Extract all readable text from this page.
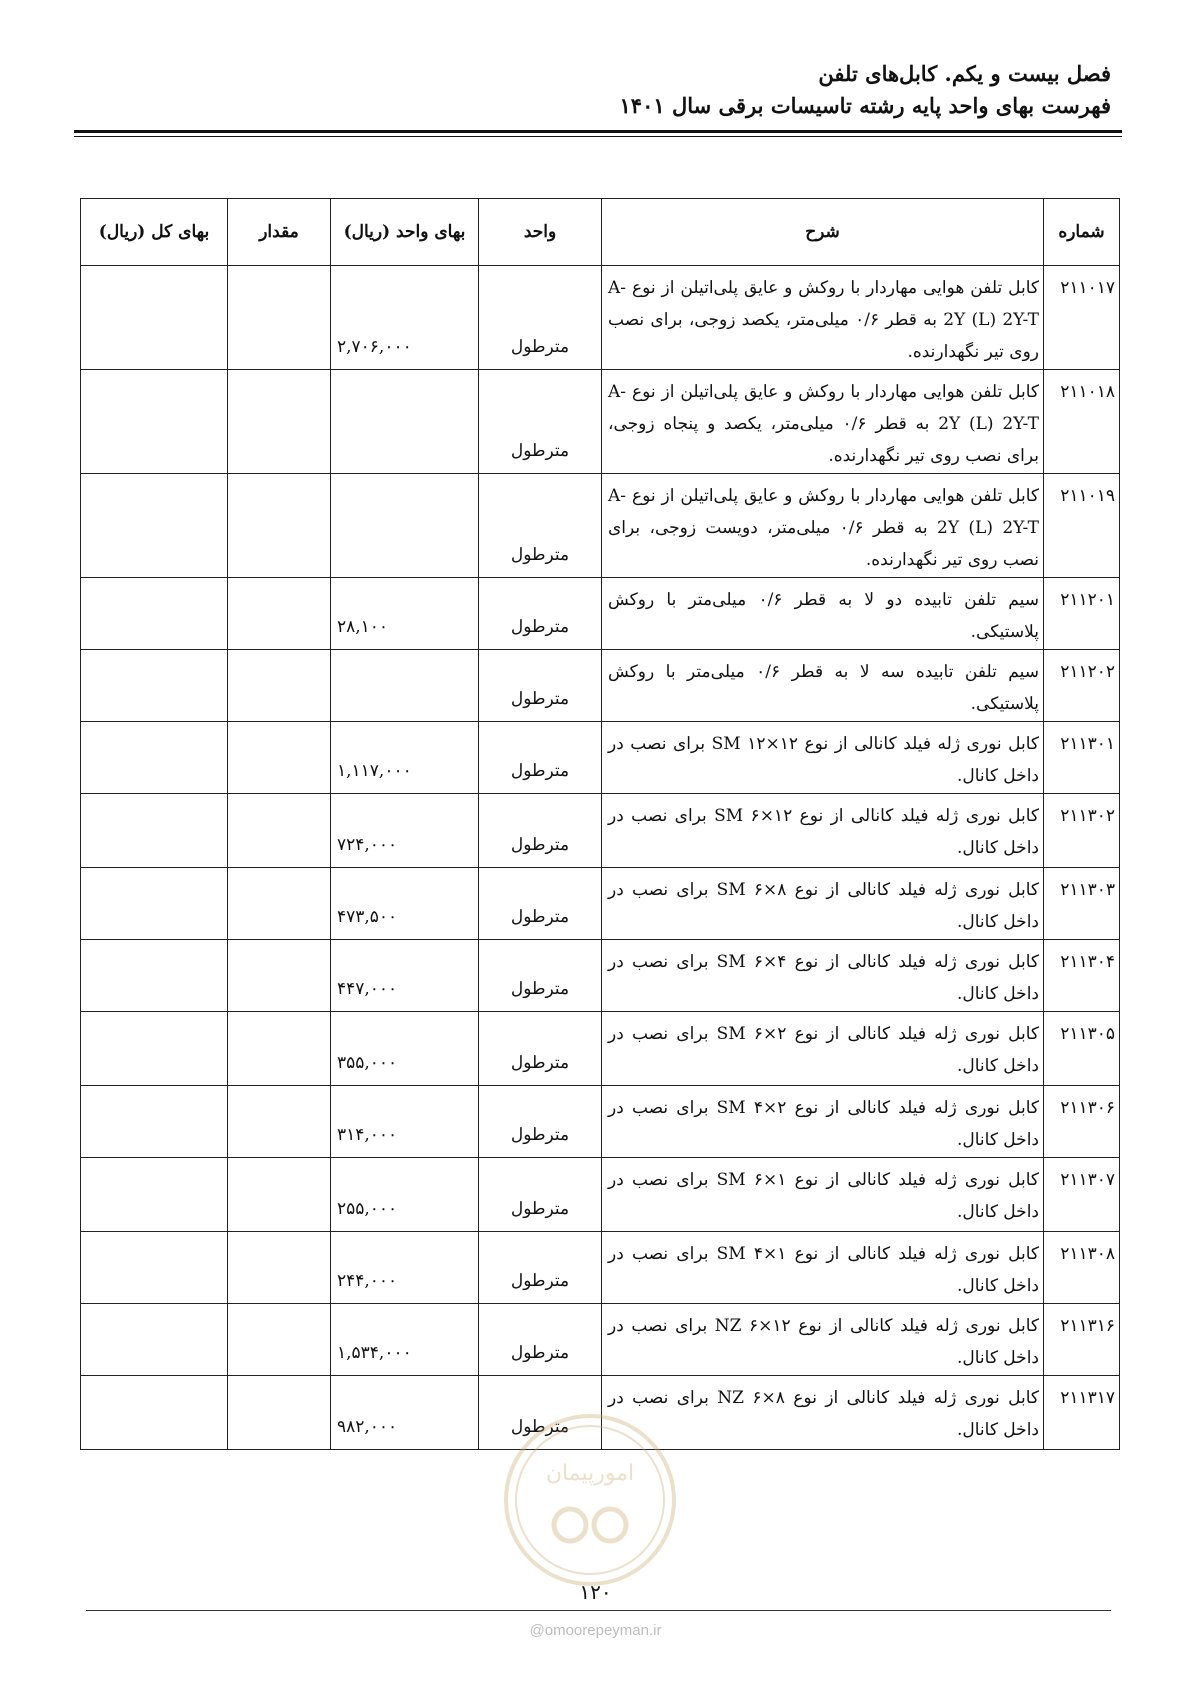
فصل بیست و یکم. کابل‌های تلفن
فهرست بهای واحد پایه رشته تاسیسات برقی سال ۱۴۰۱
شماره	شرح	واحد	بهای واحد (ریال)	مقدار	بهای کل (ریال)
۲۱۱۰۱۷	کابل تلفن هوایی مهاردار با روکش و عایق پلی‌اتیلن از نوع A-2Y (L) 2Y-T به قطر ۰/۶ میلی‌متر، یکصد زوجی، برای نصب روی تیر نگهدارنده.	مترطول	۲,۷۰۶,۰۰۰		
۲۱۱۰۱۸	کابل تلفن هوایی مهاردار با روکش و عایق پلی‌اتیلن از نوع A-2Y (L) 2Y-T به قطر ۰/۶ میلی‌متر، یکصد و پنجاه زوجی، برای نصب روی تیر نگهدارنده.	مترطول			
۲۱۱۰۱۹	کابل تلفن هوایی مهاردار با روکش و عایق پلی‌اتیلن از نوع A-2Y (L) 2Y-T به قطر ۰/۶ میلی‌متر، دویست زوجی، برای نصب روی تیر نگهدارنده.	مترطول			
۲۱۱۲۰۱	سیم تلفن تابیده دو لا به قطر ۰/۶ میلی‌متر با روکش پلاستیکی.	مترطول	۲۸,۱۰۰		
۲۱۱۲۰۲	سیم تلفن تابیده سه لا به قطر ۰/۶ میلی‌متر با روکش پلاستیکی.	مترطول			
۲۱۱۳۰۱	کابل نوری ژله فیلد کانالی از نوع SM ۱۲×۱۲ برای نصب در داخل کانال.	مترطول	۱,۱۱۷,۰۰۰		
۲۱۱۳۰۲	کابل نوری ژله فیلد کانالی از نوع SM ۶×۱۲ برای نصب در داخل کانال.	مترطول	۷۲۴,۰۰۰		
۲۱۱۳۰۳	کابل نوری ژله فیلد کانالی از نوع SM ۶×۸ برای نصب در داخل کانال.	مترطول	۴۷۳,۵۰۰		
۲۱۱۳۰۴	کابل نوری ژله فیلد کانالی از نوع SM ۶×۴ برای نصب در داخل کانال.	مترطول	۴۴۷,۰۰۰		
۲۱۱۳۰۵	کابل نوری ژله فیلد کانالی از نوع SM ۶×۲ برای نصب در داخل کانال.	مترطول	۳۵۵,۰۰۰		
۲۱۱۳۰۶	کابل نوری ژله فیلد کانالی از نوع SM ۴×۲ برای نصب در داخل کانال.	مترطول	۳۱۴,۰۰۰		
۲۱۱۳۰۷	کابل نوری ژله فیلد کانالی از نوع SM ۶×۱ برای نصب در داخل کانال.	مترطول	۲۵۵,۰۰۰		
۲۱۱۳۰۸	کابل نوری ژله فیلد کانالی از نوع SM ۴×۱ برای نصب در داخل کانال.	مترطول	۲۴۴,۰۰۰		
۲۱۱۳۱۶	کابل نوری ژله فیلد کانالی از نوع NZ ۶×۱۲ برای نصب در داخل کانال.	مترطول	۱,۵۳۴,۰۰۰		
۲۱۱۳۱۷	کابل نوری ژله فیلد کانالی از نوع NZ ۶×۸ برای نصب در داخل کانال.	مترطول	۹۸۲,۰۰۰		
امورپیمان
۱۲۰
@omoorepeyman.ir
